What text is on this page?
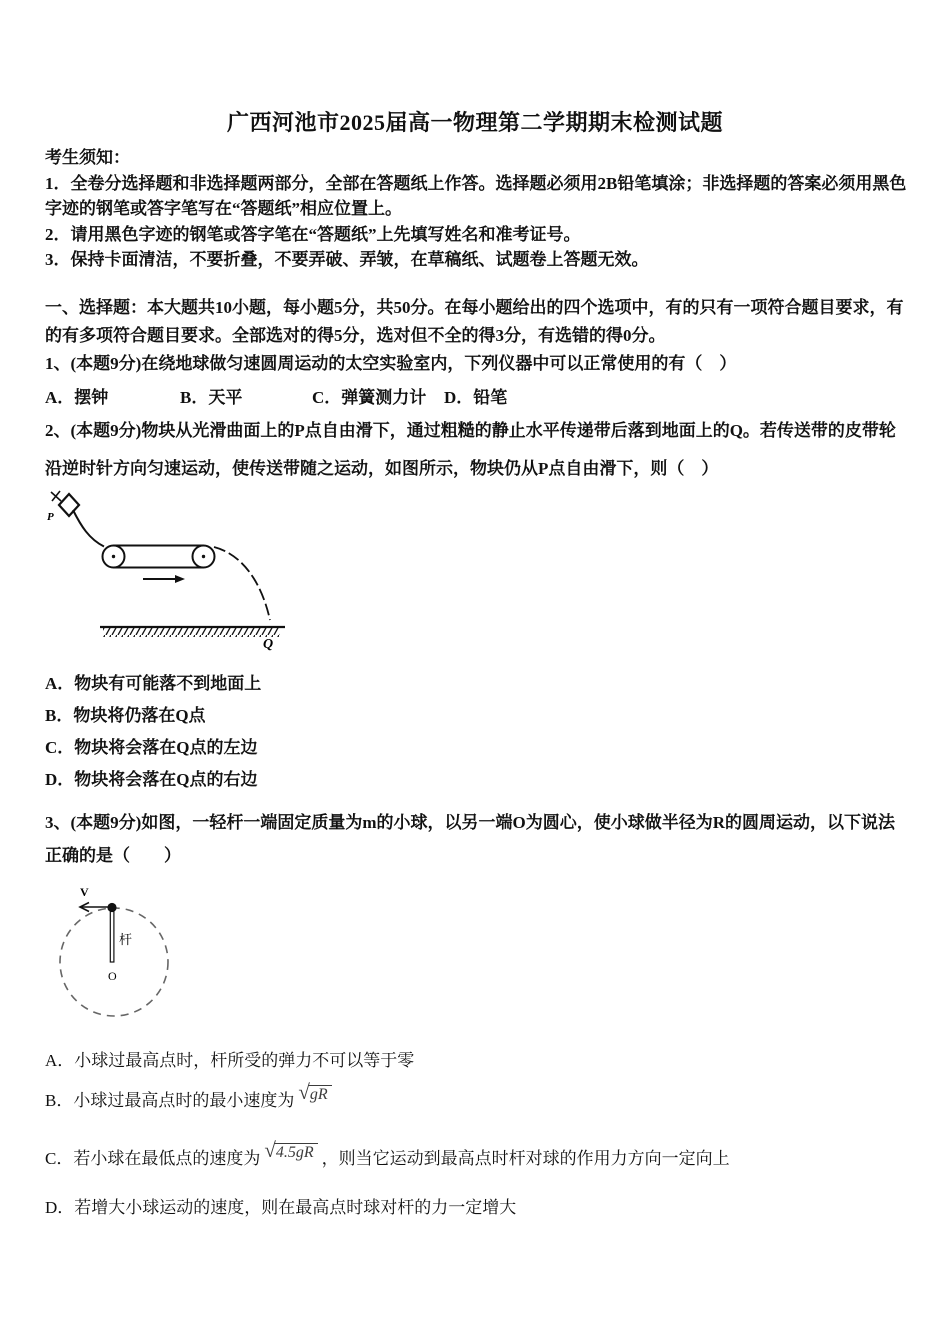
广西河池市2025届高一物理第二学期期末检测试题
考生须知：
1．全卷分选择题和非选择题两部分，全部在答题纸上作答。选择题必须用2B铅笔填涂；非选择题的答案必须用黑色
字迹的钢笔或答字笔写在“答题纸”相应位置上。
2．请用黑色字迹的钢笔或答字笔在“答题纸”上先填写姓名和准考证号。
3．保持卡面清洁，不要折叠，不要弄破、弄皱，在草稿纸、试题卷上答题无效。
一、选择题：本大题共10小题，每小题5分，共50分。在每小题给出的四个选项中，有的只有一项符合题目要求，有
的有多项符合题目要求。全部选对的得5分，选对但不全的得3分，有选错的得0分。
1、(本题9分)在绕地球做匀速圆周运动的太空实验室内，下列仪器中可以正常使用的有（　）
A．摆钟	B．天平	C．弹簧测力计 D．铅笔
2、(本题9分)物块从光滑曲面上的P点自由滑下，通过粗糙的静止水平传递带后落到地面上的Q。若传送带的皮带轮
沿逆时针方向匀速运动，使传送带随之运动，如图所示，物块仍从P点自由滑下，则（　）
P
Q
A．物块有可能落不到地面上
B．物块将仍落在Q点
C．物块将会落在Q点的左边
D．物块将会落在Q点的右边
3、(本题9分)如图，一轻杆一端固定质量为m的小球，以另一端O为圆心，使小球做半径为R的圆周运动，以下说法
正确的是（　　）
V
杆
O
A．小球过最高点时，杆所受的弹力不可以等于零
B．小球过最高点时的最小速度为 √gR
C．若小球在最低点的速度为 √4.5gR ，则当它运动到最高点时杆对球的作用力方向一定向上
D．若增大小球运动的速度，则在最高点时球对杆的力一定增大
